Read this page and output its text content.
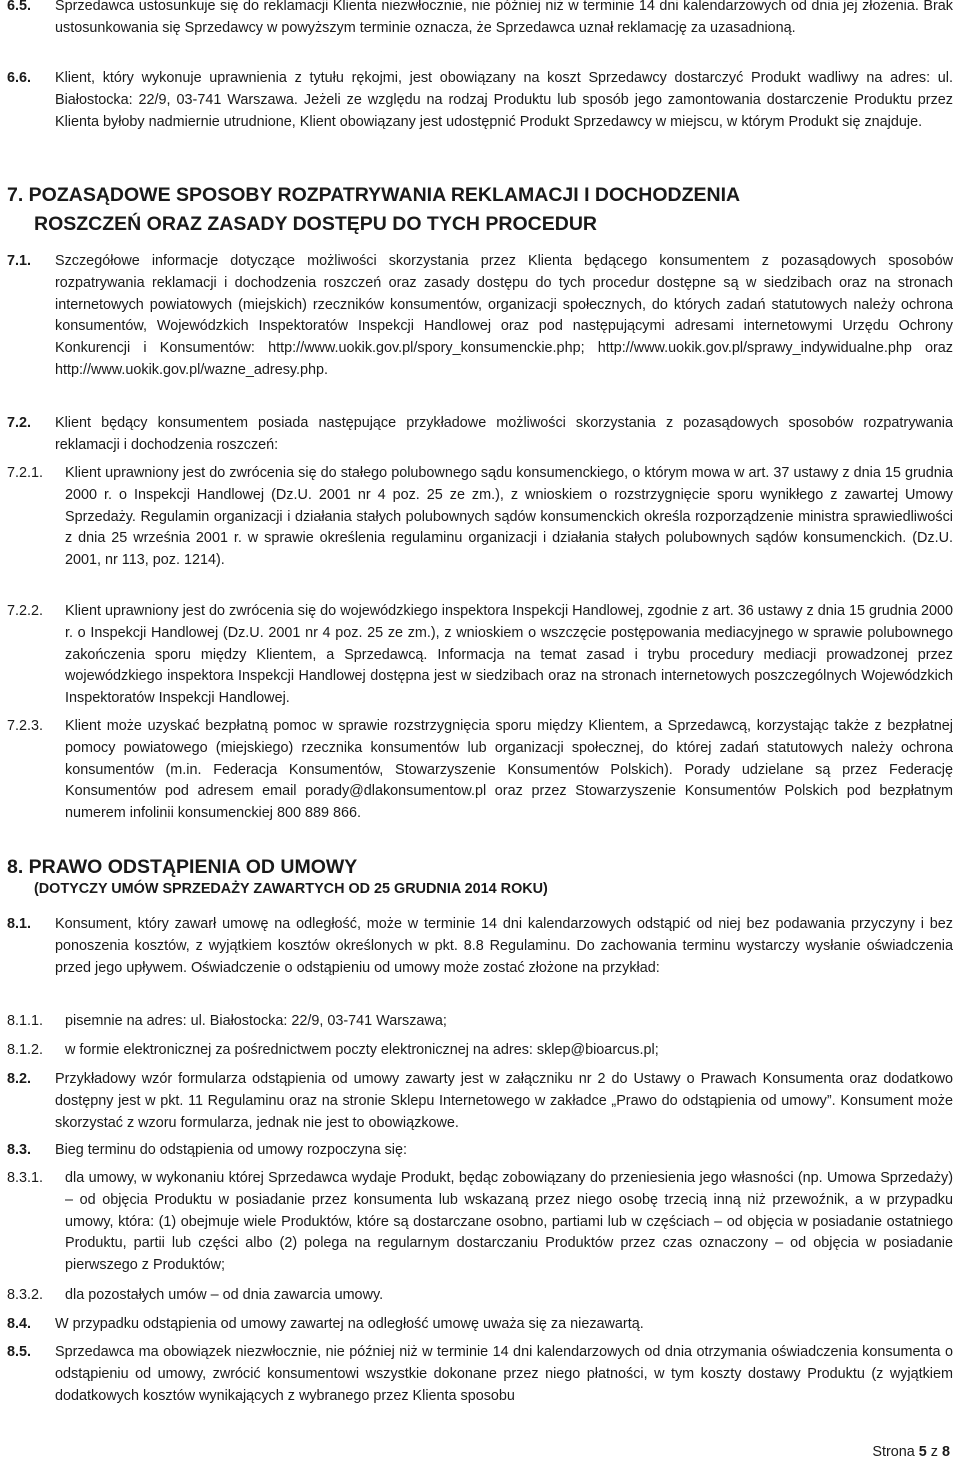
6.5.	Sprzedawca ustosunkuje się do reklamacji Klienta niezwłocznie, nie później niż w terminie 14 dni kalendarzowych od dnia jej złożenia. Brak ustosunkowania się Sprzedawcy w powyższym terminie oznacza, że Sprzedawca uznał reklamację za uzasadnioną.
6.6.	Klient, który wykonuje uprawnienia z tytułu rękojmi, jest obowiązany na koszt Sprzedawcy dostarczyć Produkt wadliwy na adres: ul. Białostocka: 22/9, 03-741 Warszawa. Jeżeli ze względu na rodzaj Produktu lub sposób jego zamontowania dostarczenie Produktu przez Klienta byłoby nadmiernie utrudnione, Klient obowiązany jest udostępnić Produkt Sprzedawcy w miejscu, w którym Produkt się znajduje.
7. POZASĄDOWE SPOSOBY ROZPATRYWANIA REKLAMACJI I DOCHODZENIA
ROSZCZEŃ ORAZ ZASADY DOSTĘPU DO TYCH PROCEDUR
7.1.	Szczegółowe informacje dotyczące możliwości skorzystania przez Klienta będącego konsumentem z pozasądowych sposobów rozpatrywania reklamacji i dochodzenia roszczeń oraz zasady dostępu do tych procedur dostępne są w siedzibach oraz na stronach internetowych powiatowych (miejskich) rzeczników konsumentów, organizacji społecznych, do których zadań statutowych należy ochrona konsumentów, Wojewódzkich Inspektoratów Inspekcji Handlowej oraz pod następującymi adresami internetowymi Urzędu Ochrony Konkurencji i Konsumentów: http://www.uokik.gov.pl/spory_konsumenckie.php; http://www.uokik.gov.pl/sprawy_indywidualne.php oraz http://www.uokik.gov.pl/wazne_adresy.php.
7.2.	Klient będący konsumentem posiada następujące przykładowe możliwości skorzystania z pozasądowych sposobów rozpatrywania reklamacji i dochodzenia roszczeń:
7.2.1.	Klient uprawniony jest do zwrócenia się do stałego polubownego sądu konsumenckiego, o którym mowa w art. 37 ustawy z dnia 15 grudnia 2000 r. o Inspekcji Handlowej (Dz.U. 2001 nr 4 poz. 25 ze zm.), z wnioskiem o rozstrzygnięcie sporu wynikłego z zawartej Umowy Sprzedaży. Regulamin organizacji i działania stałych polubownych sądów konsumenckich określa rozporządzenie ministra sprawiedliwości z dnia 25 września 2001 r. w sprawie określenia regulaminu organizacji i działania stałych polubownych sądów konsumenckich. (Dz.U. 2001, nr 113, poz. 1214).
7.2.2.	Klient uprawniony jest do zwrócenia się do wojewódzkiego inspektora Inspekcji Handlowej, zgodnie z art. 36 ustawy z dnia 15 grudnia 2000 r. o Inspekcji Handlowej (Dz.U. 2001 nr 4 poz. 25 ze zm.), z wnioskiem o wszczęcie postępowania mediacyjnego w sprawie polubownego zakończenia sporu między Klientem, a Sprzedawcą. Informacja na temat zasad i trybu procedury mediacji prowadzonej przez wojewódzkiego inspektora Inspekcji Handlowej dostępna jest w siedzibach oraz na stronach internetowych poszczególnych Wojewódzkich Inspektoratów Inspekcji Handlowej.
7.2.3.	Klient może uzyskać bezpłatną pomoc w sprawie rozstrzygnięcia sporu między Klientem, a Sprzedawcą, korzystając także z bezpłatnej pomocy powiatowego (miejskiego) rzecznika konsumentów lub organizacji społecznej, do której zadań statutowych należy ochrona konsumentów (m.in. Federacja Konsumentów, Stowarzyszenie Konsumentów Polskich). Porady udzielane są przez Federację Konsumentów pod adresem email porady@dlakonsumentow.pl oraz przez Stowarzyszenie Konsumentów Polskich pod bezpłatnym numerem infolinii konsumenckiej 800 889 866.
8. PRAWO ODSTĄPIENIA OD UMOWY
(DOTYCZY UMÓW SPRZEDAŻY ZAWARTYCH OD 25 GRUDNIA 2014 ROKU)
8.1.	Konsument, który zawarł umowę na odległość, może w terminie 14 dni kalendarzowych odstąpić od niej bez podawania przyczyny i bez ponoszenia kosztów, z wyjątkiem kosztów określonych w pkt. 8.8 Regulaminu. Do zachowania terminu wystarczy wysłanie oświadczenia przed jego upływem. Oświadczenie o odstąpieniu od umowy może zostać złożone na przykład:
8.1.1.	pisemnie na adres: ul. Białostocka: 22/9, 03-741 Warszawa;
8.1.2.	w formie elektronicznej za pośrednictwem poczty elektronicznej na adres: sklep@bioarcus.pl;
8.2.	Przykładowy wzór formularza odstąpienia od umowy zawarty jest w załączniku nr 2 do Ustawy o Prawach Konsumenta oraz dodatkowo dostępny jest w pkt. 11 Regulaminu oraz na stronie Sklepu Internetowego w zakładce „Prawo do odstąpienia od umowy”. Konsument może skorzystać z wzoru formularza, jednak nie jest to obowiązkowe.
8.3.	Bieg terminu do odstąpienia od umowy rozpoczyna się:
8.3.1.	dla umowy, w wykonaniu której Sprzedawca wydaje Produkt, będąc zobowiązany do przeniesienia jego własności (np. Umowa Sprzedaży) – od objęcia Produktu w posiadanie przez konsumenta lub wskazaną przez niego osobę trzecią inną niż przewoźnik, a w przypadku umowy, która: (1) obejmuje wiele Produktów, które są dostarczane osobno, partiami lub w częściach – od objęcia w posiadanie ostatniego Produktu, partii lub części albo (2) polega na regularnym dostarczaniu Produktów przez czas oznaczony – od objęcia w posiadanie pierwszego z Produktów;
8.3.2.	dla pozostałych umów – od dnia zawarcia umowy.
8.4.	W przypadku odstąpienia od umowy zawartej na odległość umowę uważa się za niezawartą.
8.5.	Sprzedawca ma obowiązek niezwłocznie, nie później niż w terminie 14 dni kalendarzowych od dnia otrzymania oświadczenia konsumenta o odstąpieniu od umowy, zwrócić konsumentowi wszystkie dokonane przez niego płatności, w tym koszty dostawy Produktu (z wyjątkiem dodatkowych kosztów wynikających z wybranego przez Klienta sposobu
Strona 5 z 8
